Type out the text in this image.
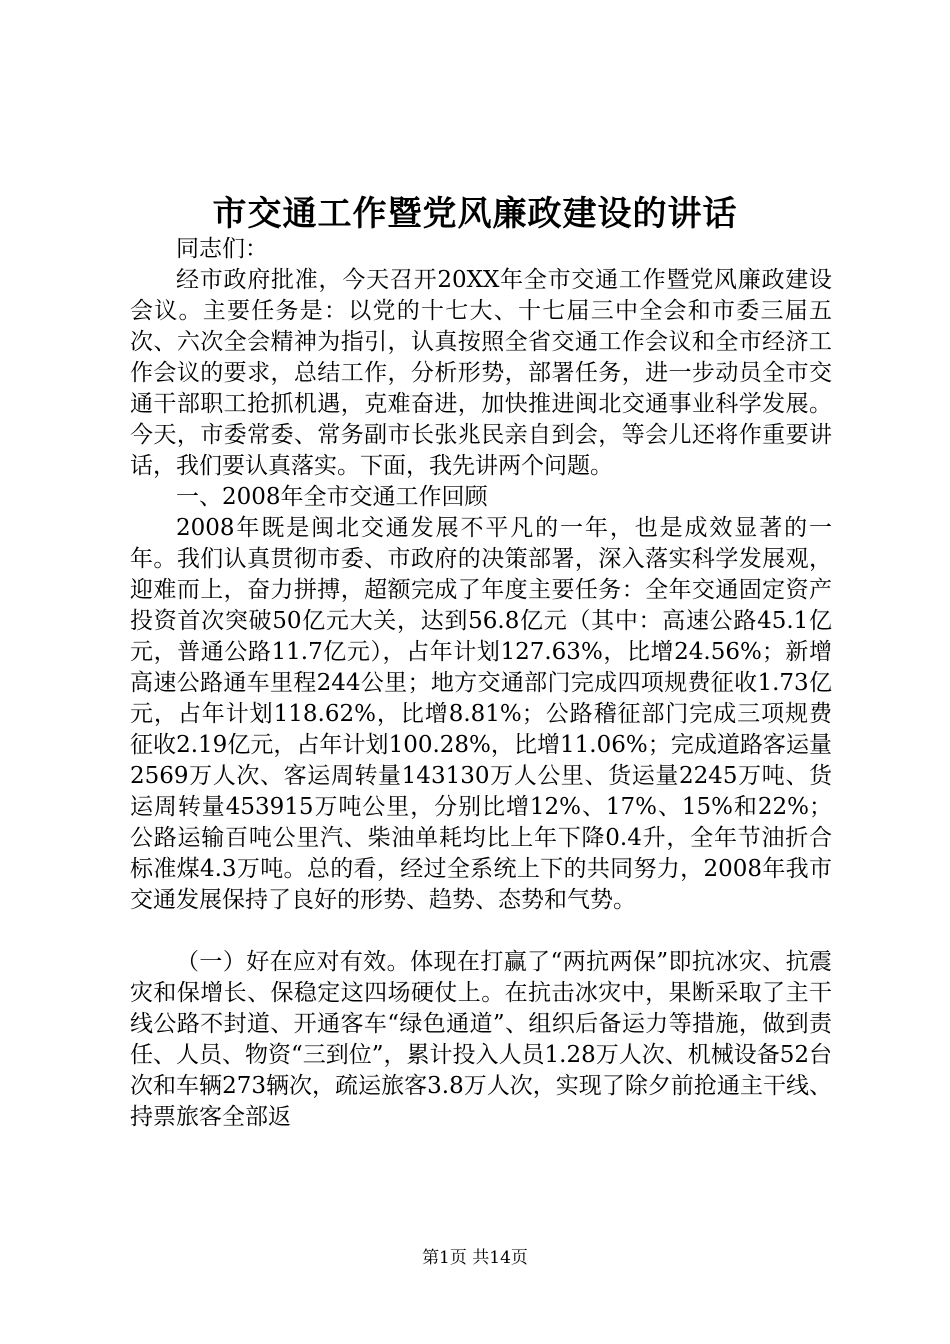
市交通工作暨党风廉政建设的讲话

同志们：

经市政府批准，今天召开20XX年全市交通工作暨党风廉政建设会议。主要任务是：以党的十七大、十七届三中全会和市委三届五次、六次全会精神为指引，认真按照全省交通工作会议和全市经济工作会议的要求，总结工作，分析形势，部署任务，进一步动员全市交通干部职工抢抓机遇，克难奋进，加快推进闽北交通事业科学发展。今天，市委常委、常务副市长张兆民亲自到会，等会儿还将作重要讲话，我们要认真落实。下面，我先讲两个问题。

一、2008年全市交通工作回顾

2008年既是闽北交通发展不平凡的一年，也是成效显著的一年。我们认真贯彻市委、市政府的决策部署，深入落实科学发展观，迎难而上，奋力拼搏，超额完成了年度主要任务：全年交通固定资产投资首次突破50亿元大关，达到56.8亿元（其中：高速公路45.1亿元，普通公路11.7亿元），占年计划127.63%，比增24.56%；新增高速公路通车里程244公里；地方交通部门完成四项规费征收1.73亿元，占年计划118.62%，比增8.81%；公路稽征部门完成三项规费征收2.19亿元，占年计划100.28%，比增11.06%；完成道路客运量2569万人次、客运周转量143130万人公里、货运量2245万吨、货运周转量453915万吨公里，分别比增12%、17%、15%和22%；公路运输百吨公里汽、柴油单耗均比上年下降0.4升，全年节油折合标准煤4.3万吨。总的看，经过全系统上下的共同努力，2008年我市交通发展保持了良好的形势、趋势、态势和气势。

（一）好在应对有效。体现在打赢了“两抗两保”即抗冰灾、抗震灾和保增长、保稳定这四场硬仗上。在抗击冰灾中，果断采取了主干线公路不封道、开通客车“绿色通道”、组织后备运力等措施，做到责任、人员、物资“三到位”，累计投入人员1.28万人次、机械设备52台次和车辆273辆次，疏运旅客3.8万人次，实现了除夕前抢通主干线、持票旅客全部返

第1页 共14页
